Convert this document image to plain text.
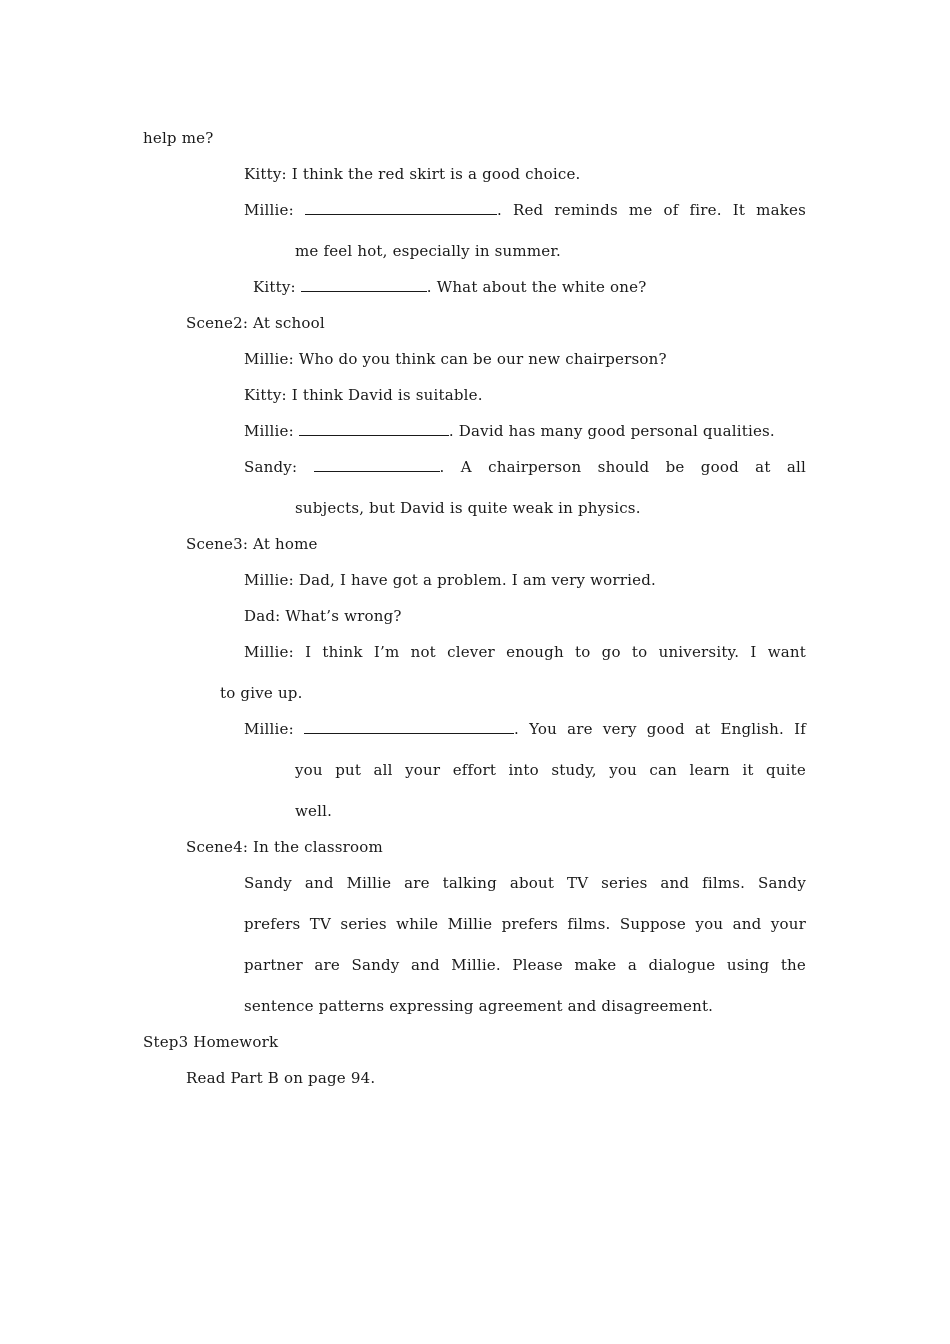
help me?
Kitty: I think the red skirt is a good choice.
Millie:	. Red reminds me of fire. It makes
me feel hot, especially in summer.
Kitty:	. What about the white one?
Scene2: At school
Millie: Who do you think can be our new chairperson?
Kitty: I think David is suitable.
Millie:	. David has many good personal qualities.
Sandy:	. A chairperson should be good at all
subjects, but David is quite weak in physics.
Scene3: At home
Millie: Dad, I have got a problem. I am very worried.
Dad: What’s wrong?
Millie: I think I’m not clever enough to go to university. I want
to give up.
Millie:	. You are very good at English. If
you put all your effort into study, you can learn it quite
well.
Scene4: In the classroom
Sandy and Millie are talking about TV series and films. Sandy
prefers TV series while Millie prefers films. Suppose you and your
partner are Sandy and Millie. Please make a dialogue using the
sentence patterns expressing agreement and disagreement.
Step3 Homework
Read Part B on page 94.
